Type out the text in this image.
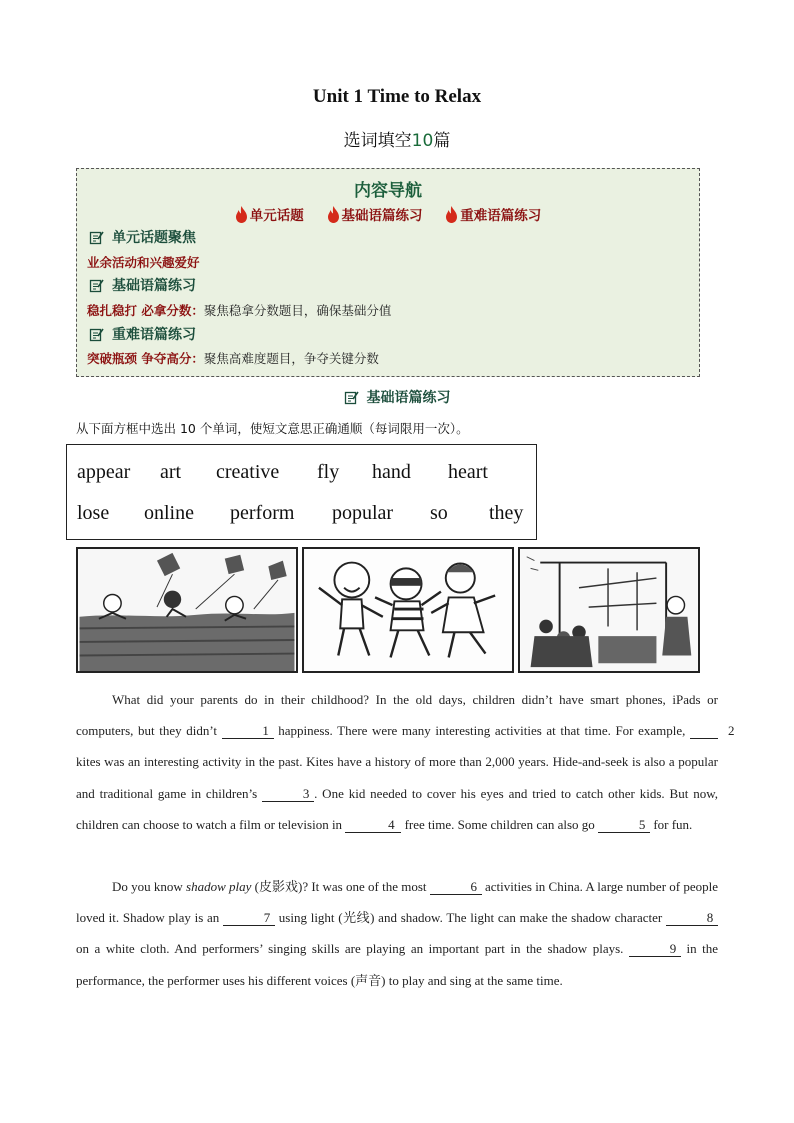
Unit 1 Time to Relax
选词填空10篇
内容导航
单元话题	基础语篇练习	重难语篇练习
单元话题聚焦
业余活动和兴趣爱好
基础语篇练习
稳扎稳打 必拿分数：聚焦稳拿分数题目，确保基础分值
重难语篇练习
突破瓶颈 争夺高分：聚焦高难度题目，争夺关键分数
基础语篇练习
从下面方框中选出 10 个单词，使短文意思正确通顺（每词限用一次）。
appear art creative fly hand heart
lose online perform popular so they
What did your parents do in their childhood? In the old days, children didn’t have smart phones, iPads or computers, but they didn’t	1 happiness. There were many interesting activities at that time. For example,	2 kites was an interesting activity in the past. Kites have a history of more than 2,000 years. Hide-and-seek is also a popular and traditional game in children’s	3 . One kid needed to cover his eyes and tried to catch other kids. But now, children can choose to watch a film or television in	4 free time. Some children can also go	5 for fun.
Do you know shadow play (皮影戏)? It was one of the most	6 activities in China. A large number of people loved it. Shadow play is an	7 using light (光线) and shadow. The light can make the shadow character	8 on a white cloth. And performers’ singing skills are playing an important part in the shadow plays.	9 in the performance, the performer uses his different voices (声音) to play and sing at the same time.
